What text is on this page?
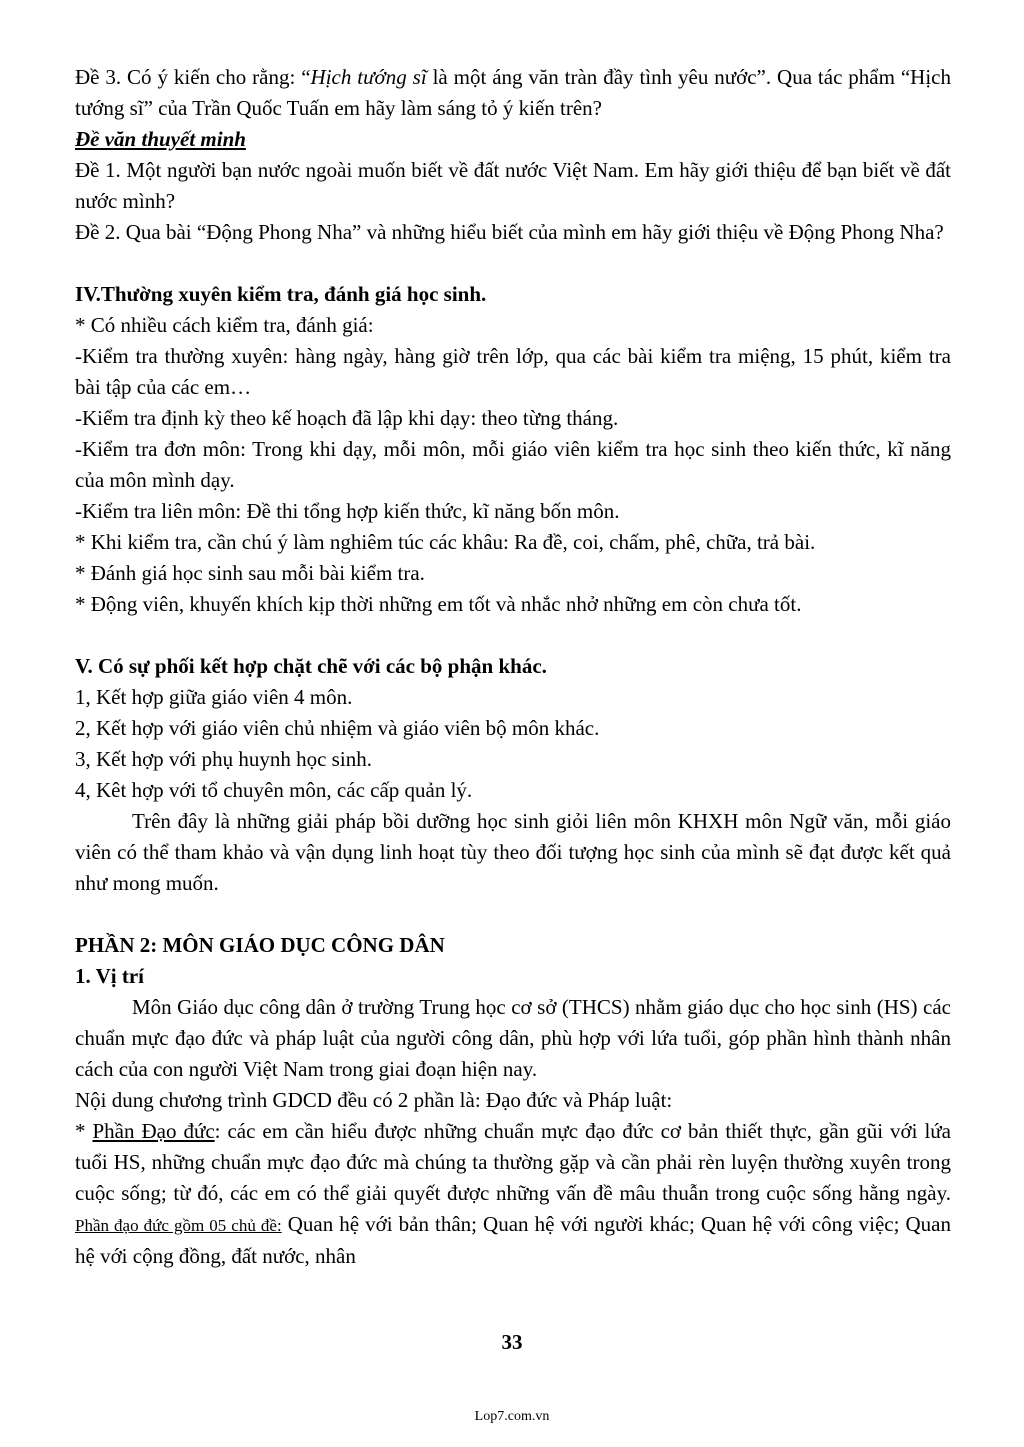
Đề 3. Có ý kiến cho rằng: “Hịch tướng sĩ là một áng văn tràn đầy tình yêu nước”. Qua tác phẩm “Hịch tướng sĩ” của Trần Quốc Tuấn em hãy làm sáng tỏ ý kiến trên?

Đề văn thuyết minh

Đề 1. Một người bạn nước ngoài muốn biết về đất nước Việt Nam. Em hãy giới thiệu để bạn biết về đất nước mình?

Đề 2. Qua bài “Động Phong Nha” và những hiểu biết của mình em hãy giới thiệu về Động Phong Nha?

IV.Thường xuyên kiểm tra, đánh giá học sinh.

* Có nhiều cách kiểm tra, đánh giá:

-Kiểm tra thường xuyên: hàng ngày, hàng giờ trên lớp, qua các bài kiểm tra miệng, 15 phút, kiểm tra bài tập của các em…

-Kiểm tra định kỳ theo kế hoạch đã lập khi dạy: theo từng tháng.

-Kiểm tra đơn môn: Trong khi dạy, mỗi môn, mỗi giáo viên kiểm tra học sinh theo kiến thức, kĩ năng của môn mình dạy.

-Kiểm tra liên môn: Đề thi tổng hợp kiến thức, kĩ năng bốn môn.

* Khi kiểm tra, cần chú ý làm nghiêm túc các khâu: Ra đề, coi, chấm, phê, chữa, trả bài.

* Đánh giá học sinh sau mỗi bài kiểm tra.

* Động viên, khuyến khích kịp thời những em tốt và nhắc nhở những em còn chưa tốt.

V. Có sự phối kết hợp chặt chẽ với các bộ phận khác.

1, Kết hợp giữa giáo viên 4 môn.

2, Kết hợp với giáo viên chủ nhiệm và giáo viên bộ môn khác.

3, Kết hợp với phụ huynh học sinh.

4, Kêt hợp với tổ chuyên môn, các cấp quản lý.

Trên đây là những giải pháp bồi dưỡng học sinh giỏi liên môn KHXH môn Ngữ văn, mỗi giáo viên có thể tham khảo và vận dụng linh hoạt tùy theo đối tượng học sinh của mình sẽ đạt được kết quả như mong muốn.

PHẦN 2: MÔN GIÁO DỤC CÔNG DÂN

1. Vị trí

Môn Giáo dục công dân ở trường Trung học cơ sở (THCS) nhằm giáo dục cho học sinh (HS) các chuẩn mực đạo đức và pháp luật của người công dân, phù hợp với lứa tuổi, góp phần hình thành nhân cách của con người Việt Nam trong giai đoạn hiện nay.

Nội dung chương trình GDCD đều có 2 phần là: Đạo đức và Pháp luật:

* Phần Đạo đức: các em cần hiểu được những chuẩn mực đạo đức cơ bản thiết thực, gần gũi với lứa tuổi HS, những chuẩn mực đạo đức mà chúng ta thường gặp và cần phải rèn luyện thường xuyên trong cuộc sống; từ đó, các em có thể giải quyết được những vấn đề mâu thuẫn trong cuộc sống hằng ngày. Phần đạo đức gồm 05 chủ đề: Quan hệ với bản thân; Quan hệ với người khác; Quan hệ với công việc; Quan hệ với cộng đồng, đất nước, nhân

33
Lop7.com.vn
